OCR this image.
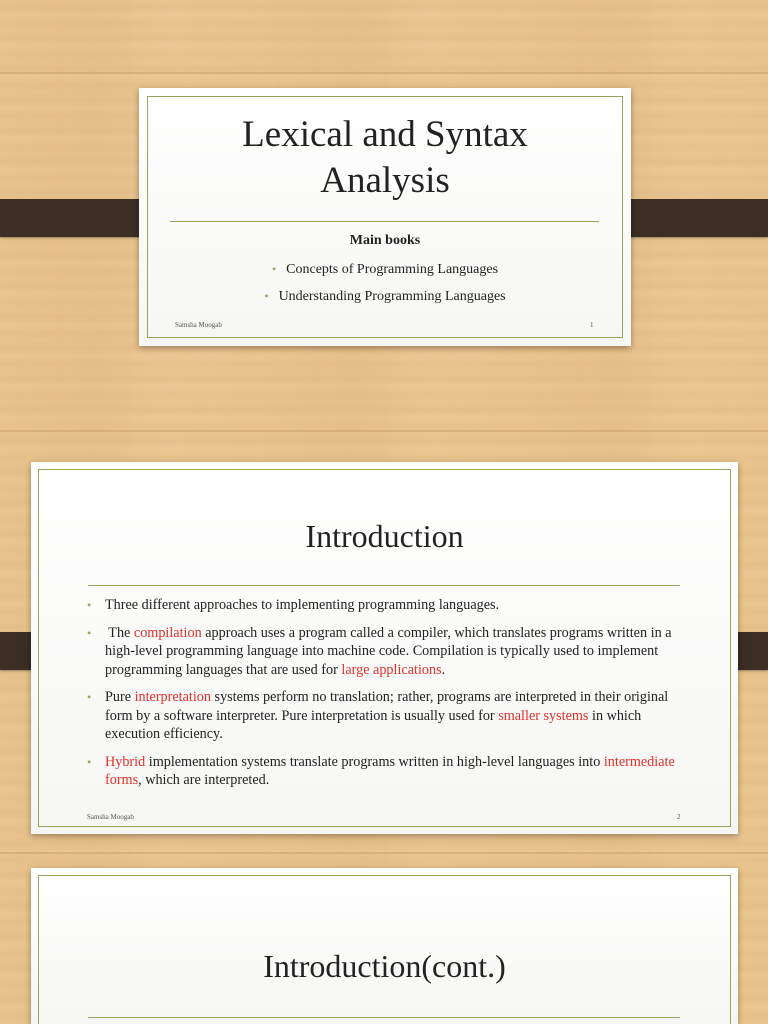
Lexical and Syntax
Analysis
Main books
• Concepts of Programming Languages
• Understanding Programming Languages
Samsha Moogab	1
Introduction
• Three different approaches to implementing programming languages.
• The compilation approach uses a program called a compiler, which translates programs written in a high-level programming language into machine code. Compilation is typically used to implement programming languages that are used for large applications.
• Pure interpretation systems perform no translation; rather, programs are interpreted in their original form by a software interpreter. Pure interpretation is usually used for smaller systems in which execution efficiency.
• Hybrid implementation systems translate programs written in high-level languages into intermediate forms, which are interpreted.
Samsha Moogab	2
Introduction(cont.)
